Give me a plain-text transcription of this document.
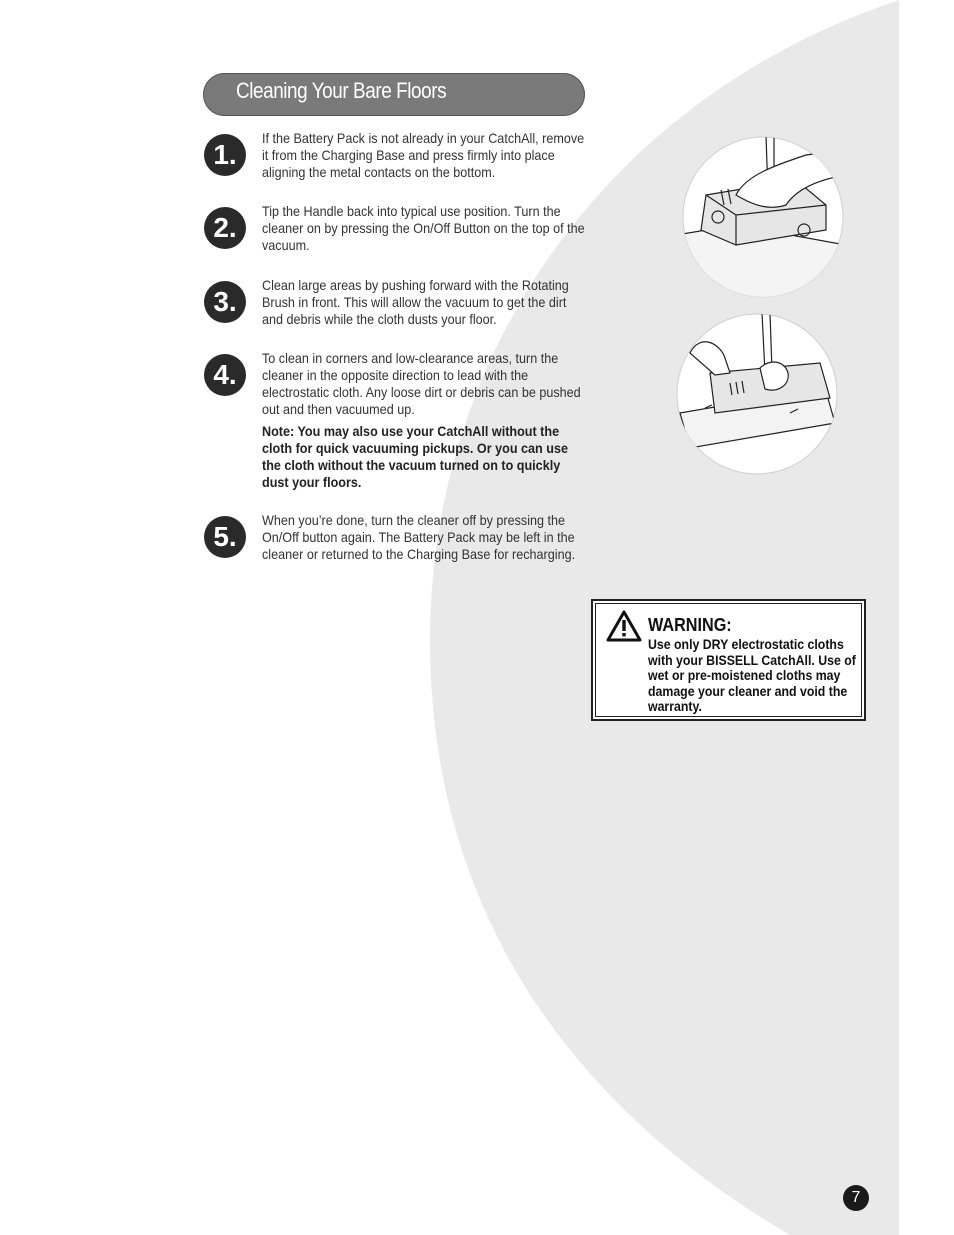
Cleaning Your Bare Floors
1.
If the Battery Pack is not already in your CatchAll, remove it from the Charging Base and press firmly into place aligning the metal contacts on the bottom.
2.
Tip the Handle back into typical use position. Turn the cleaner on by pressing the On/Off Button on the top of the vacuum.
3.
Clean large areas by pushing forward with the Rotating Brush in front. This will allow the vacuum to get the dirt and debris while the cloth dusts your floor.
4.
To clean in corners and low-clearance areas, turn the cleaner in the opposite direction to lead with the electrostatic cloth. Any loose dirt or debris can be pushed out and then vacuumed up.
Note: You may also use your CatchAll without the cloth for quick vacuuming pickups. Or you can use the cloth without the vacuum turned on to quickly dust your floors.
5.
When you’re done, turn the cleaner off by pressing the On/Off button again. The Battery Pack may be left in the cleaner or returned to the Charging Base for recharging.
WARNING:
Use only DRY electrostatic cloths with your BISSELL CatchAll. Use of wet or pre-moistened cloths may damage your cleaner and void the warranty.
7
